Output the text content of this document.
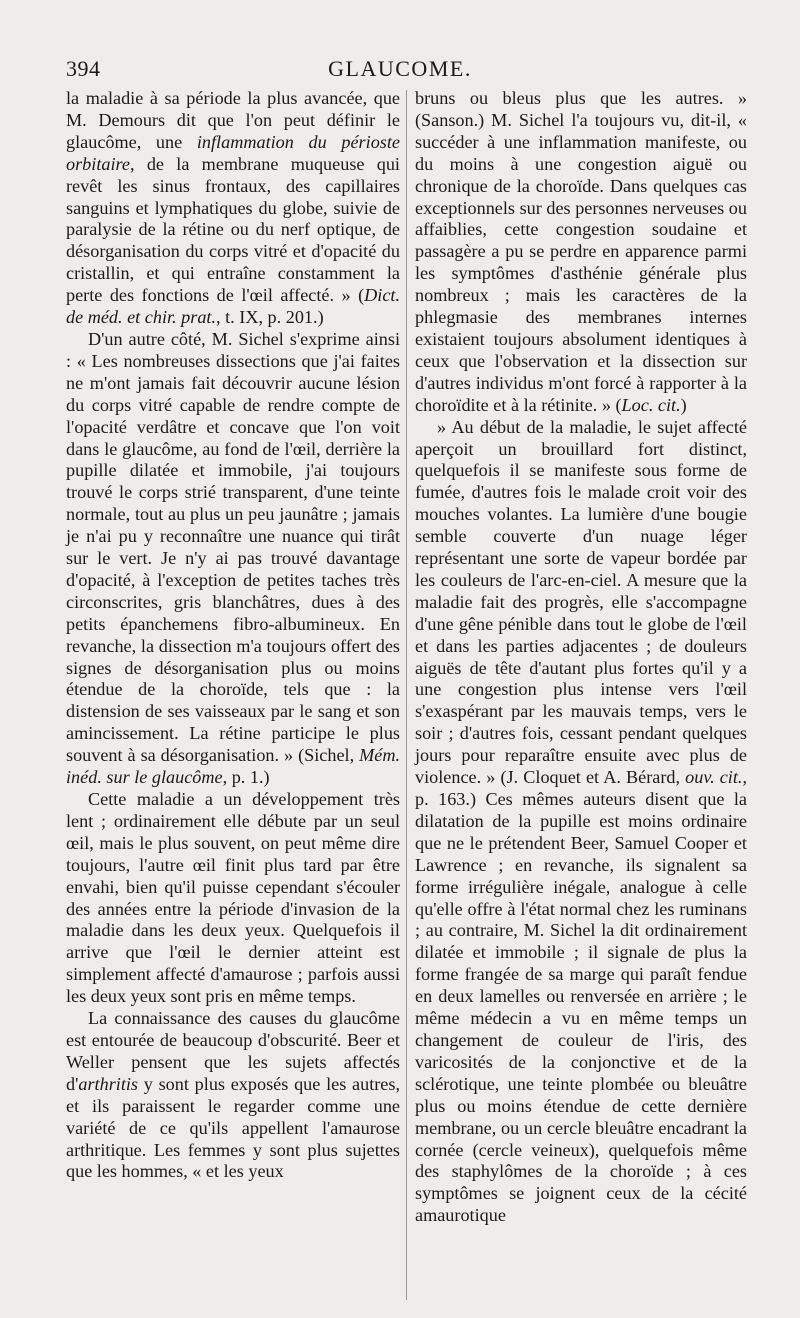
394	GLAUCOME.

la maladie à sa période la plus avancée, que M. Demours dit que l'on peut définir le glaucôme, une inflammation du périoste orbitaire, de la membrane muqueuse qui revêt les sinus frontaux, des capillaires sanguins et lymphatiques du globe, suivie de paralysie de la rétine ou du nerf optique, de désorganisation du corps vitré et d'opacité du cristallin, et qui entraîne constamment la perte des fonctions de l'œil affecté. » (Dict. de méd. et chir. prat., t. IX, p. 201.)

D'un autre côté, M. Sichel s'exprime ainsi : « Les nombreuses dissections que j'ai faites ne m'ont jamais fait découvrir aucune lésion du corps vitré capable de rendre compte de l'opacité verdâtre et concave que l'on voit dans le glaucôme, au fond de l'œil, derrière la pupille dilatée et immobile, j'ai toujours trouvé le corps strié transparent, d'une teinte normale, tout au plus un peu jaunâtre ; jamais je n'ai pu y reconnaître une nuance qui tirât sur le vert. Je n'y ai pas trouvé davantage d'opacité, à l'exception de petites taches très circonscrites, gris blanchâtres, dues à des petits épanchemens fibro-albumineux. En revanche, la dissection m'a toujours offert des signes de désorganisation plus ou moins étendue de la choroïde, tels que : la distension de ses vaisseaux par le sang et son amincissement. La rétine participe le plus souvent à sa désorganisation. » (Sichel, Mém. inéd. sur le glaucôme, p. 1.)

Cette maladie a un développement très lent ; ordinairement elle débute par un seul œil, mais le plus souvent, on peut même dire toujours, l'autre œil finit plus tard par être envahi, bien qu'il puisse cependant s'écouler des années entre la période d'invasion de la maladie dans les deux yeux. Quelquefois il arrive que l'œil le dernier atteint est simplement affecté d'amaurose ; parfois aussi les deux yeux sont pris en même temps.

La connaissance des causes du glaucôme est entourée de beaucoup d'obscurité. Beer et Weller pensent que les sujets affectés d'arthritis y sont plus exposés que les autres, et ils paraissent le regarder comme une variété de ce qu'ils appellent l'amaurose arthritique. Les femmes y sont plus sujettes que les hommes, « et les yeux

bruns ou bleus plus que les autres. » (Sanson.) M. Sichel l'a toujours vu, dit-il, « succéder à une inflammation manifeste, ou du moins à une congestion aiguë ou chronique de la choroïde. Dans quelques cas exceptionnels sur des personnes nerveuses ou affaiblies, cette congestion soudaine et passagère a pu se perdre en apparence parmi les symptômes d'asthénie générale plus nombreux ; mais les caractères de la phlegmasie des membranes internes existaient toujours absolument identiques à ceux que l'observation et la dissection sur d'autres individus m'ont forcé à rapporter à la choroïdite et à la rétinite. » (Loc. cit.)

» Au début de la maladie, le sujet affecté aperçoit un brouillard fort distinct, quelquefois il se manifeste sous forme de fumée, d'autres fois le malade croit voir des mouches volantes. La lumière d'une bougie semble couverte d'un nuage léger représentant une sorte de vapeur bordée par les couleurs de l'arc-en-ciel. A mesure que la maladie fait des progrès, elle s'accompagne d'une gêne pénible dans tout le globe de l'œil et dans les parties adjacentes ; de douleurs aiguës de tête d'autant plus fortes qu'il y a une congestion plus intense vers l'œil s'exaspérant par les mauvais temps, vers le soir ; d'autres fois, cessant pendant quelques jours pour reparaître ensuite avec plus de violence. » (J. Cloquet et A. Bérard, ouv. cit., p. 163.) Ces mêmes auteurs disent que la dilatation de la pupille est moins ordinaire que ne le prétendent Beer, Samuel Cooper et Lawrence ; en revanche, ils signalent sa forme irrégulière inégale, analogue à celle qu'elle offre à l'état normal chez les ruminans ; au contraire, M. Sichel la dit ordinairement dilatée et immobile ; il signale de plus la forme frangée de sa marge qui paraît fendue en deux lamelles ou renversée en arrière ; le même médecin a vu en même temps un changement de couleur de l'iris, des varicosités de la conjonctive et de la sclérotique, une teinte plombée ou bleuâtre plus ou moins étendue de cette dernière membrane, ou un cercle bleuâtre encadrant la cornée (cercle veineux), quelquefois même des staphylômes de la choroïde ; à ces symptômes se joignent ceux de la cécité amaurotique
